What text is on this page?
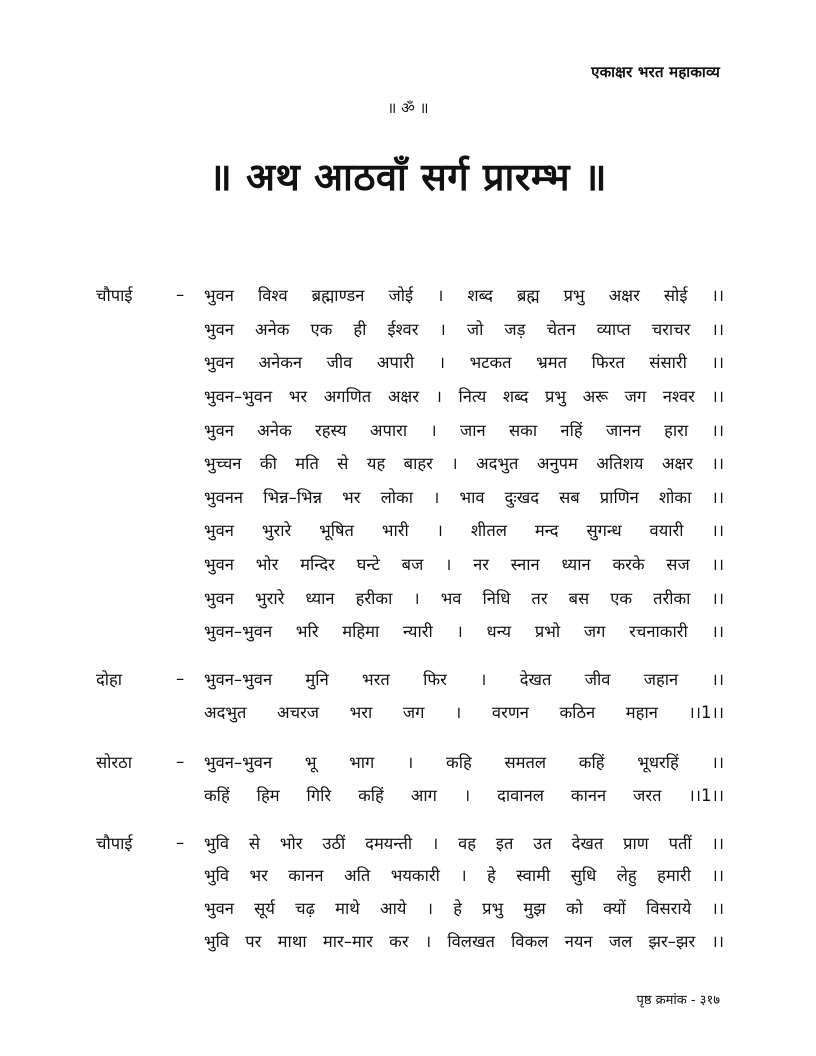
एकाक्षर भरत महाकाव्य
॥ ॐ ॥
॥ अथ आठवाँ सर्ग प्रारम्भ ॥
चौपाई	–	भुवन विश्व ब्रह्माण्डन जोई । शब्द ब्रह्म प्रभु अक्षर सोई ।।
भुवन अनेक एक ही ईश्वर । जो जड़ चेतन व्याप्त चराचर ।।
भुवन अनेकन जीव अपारी । भटकत भ्रमत फिरत संसारी ।।
भुवन–भुवन भर अगणित अक्षर । नित्य शब्द प्रभु अरू जग नश्वर ।।
भुवन अनेक रहस्य अपारा । जान सका नहिं जानन हारा ।।
भुच्चन की मति से यह बाहर । अदभुत अनुपम अतिशय अक्षर ।।
भुवनन भिन्न–भिन्न भर लोका । भाव दुःखद सब प्राणिन शोका ।।
भुवन भुरारे भूषित भारी । शीतल मन्द सुगन्ध वयारी ।।
भुवन भोर मन्दिर घन्टे बज । नर स्नान ध्यान करके सज ।।
भुवन भुरारे ध्यान हरीका । भव निधि तर बस एक तरीका ।।
भुवन–भुवन भरि महिमा न्यारी । धन्य प्रभो जग रचनाकारी ।।
दोहा	–	भुवन–भुवन मुनि भरत फिर । देखत जीव जहान ।।
अदभुत अचरज भरा जग । वरणन कठिन महान ।।1।।
सोरठा	–	भुवन–भुवन भू भाग । कहि समतल कहिं भूधरहिं ।।
कहिं हिम गिरि कहिं आग । दावानल कानन जरत ।।1।।
चौपाई	–	भुवि से भोर उठीं दमयन्ती । वह इत उत देखत प्राण पतीं ।।
भुवि भर कानन अति भयकारी । हे स्वामी सुधि लेहु हमारी ।।
भुवन सूर्य चढ़ माथे आये । हे प्रभु मुझ को क्यों विसराये ।।
भुवि पर माथा मार–मार कर । विलखत विकल नयन जल झर–झर ।।
पृष्ठ क्रमांक - ३१७
